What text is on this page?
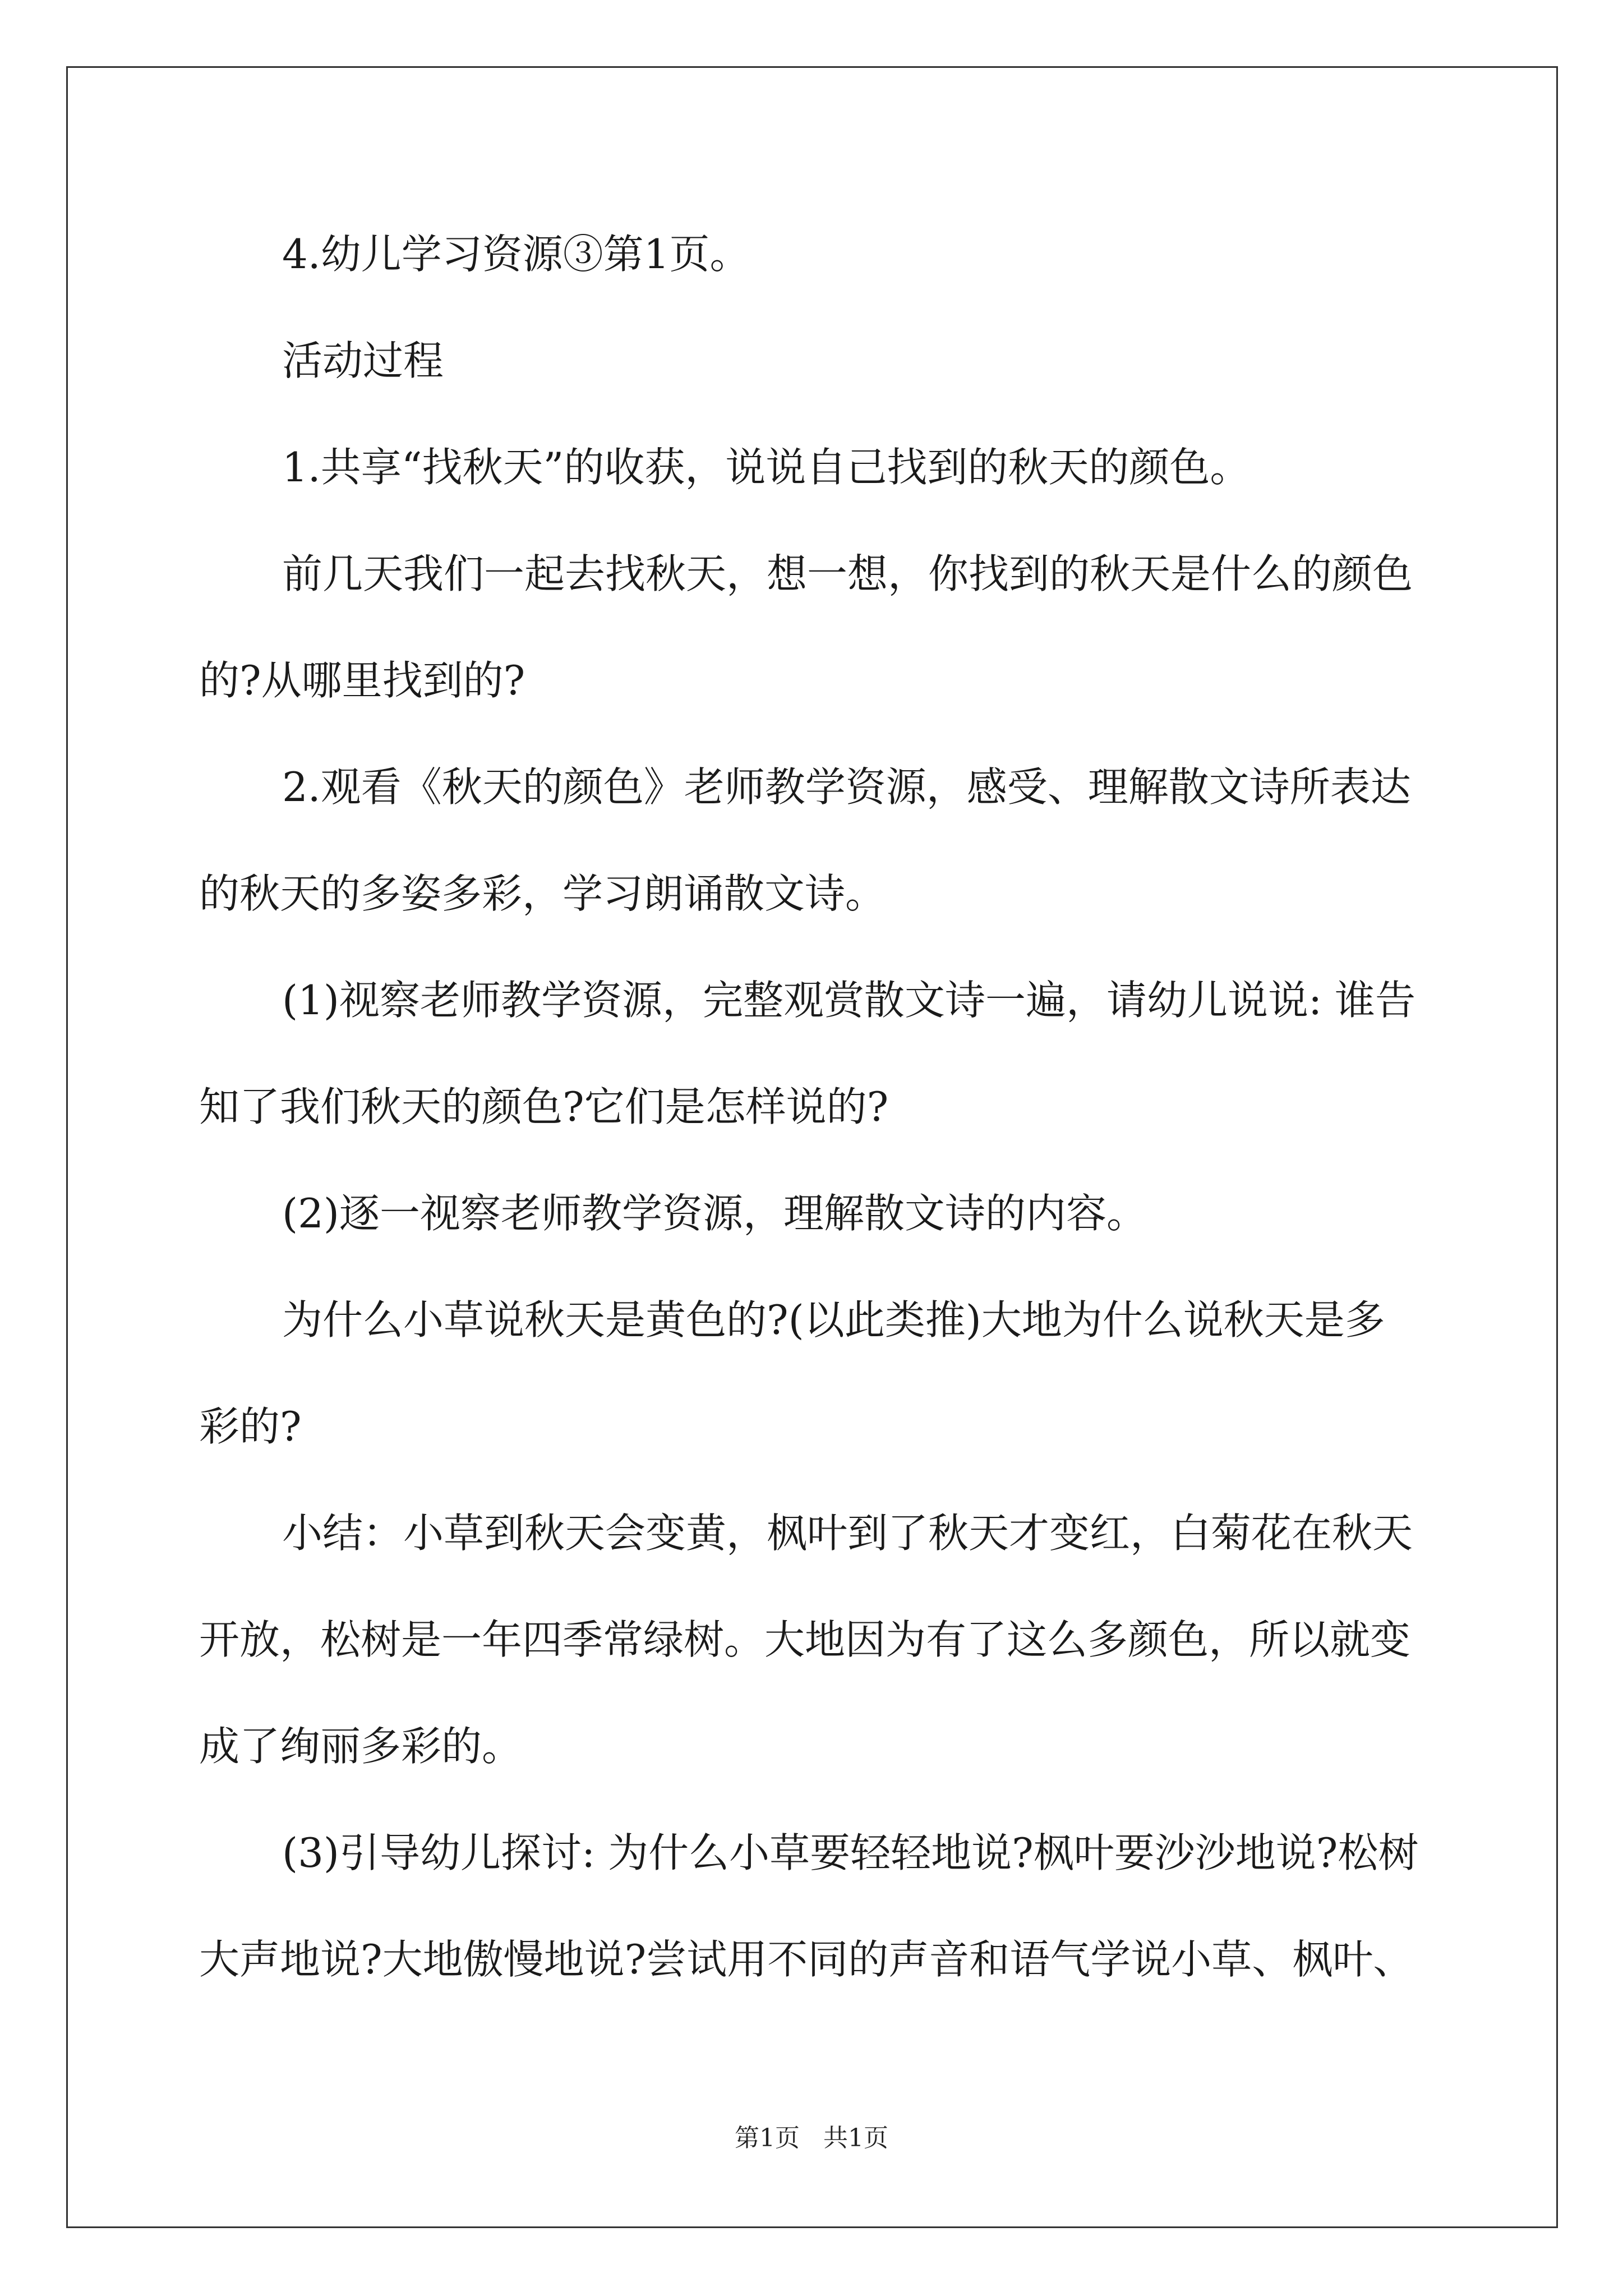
4.幼儿学习资源③第1页。

活动过程

1.共享“找秋天”的收获，说说自己找到的秋天的颜色。

前几天我们一起去找秋天，想一想，你找到的秋天是什么的颜色
的?从哪里找到的?

2.观看《秋天的颜色》老师教学资源，感受、理解散文诗所表达
的秋天的多姿多彩，学习朗诵散文诗。

(1)视察老师教学资源，完整观赏散文诗一遍，请幼儿说说: 谁告
知了我们秋天的颜色?它们是怎样说的?

(2)逐一视察老师教学资源，理解散文诗的内容。

为什么小草说秋天是黄色的?(以此类推)大地为什么说秋天是多
彩的?

小结：小草到秋天会变黄，枫叶到了秋天才变红，白菊花在秋天
开放，松树是一年四季常绿树。大地因为有了这么多颜色，所以就变
成了绚丽多彩的。

(3)引导幼儿探讨: 为什么小草要轻轻地说?枫叶要沙沙地说?松树
大声地说?大地傲慢地说?尝试用不同的声音和语气学说小草、枫叶、

第1页 共1页
